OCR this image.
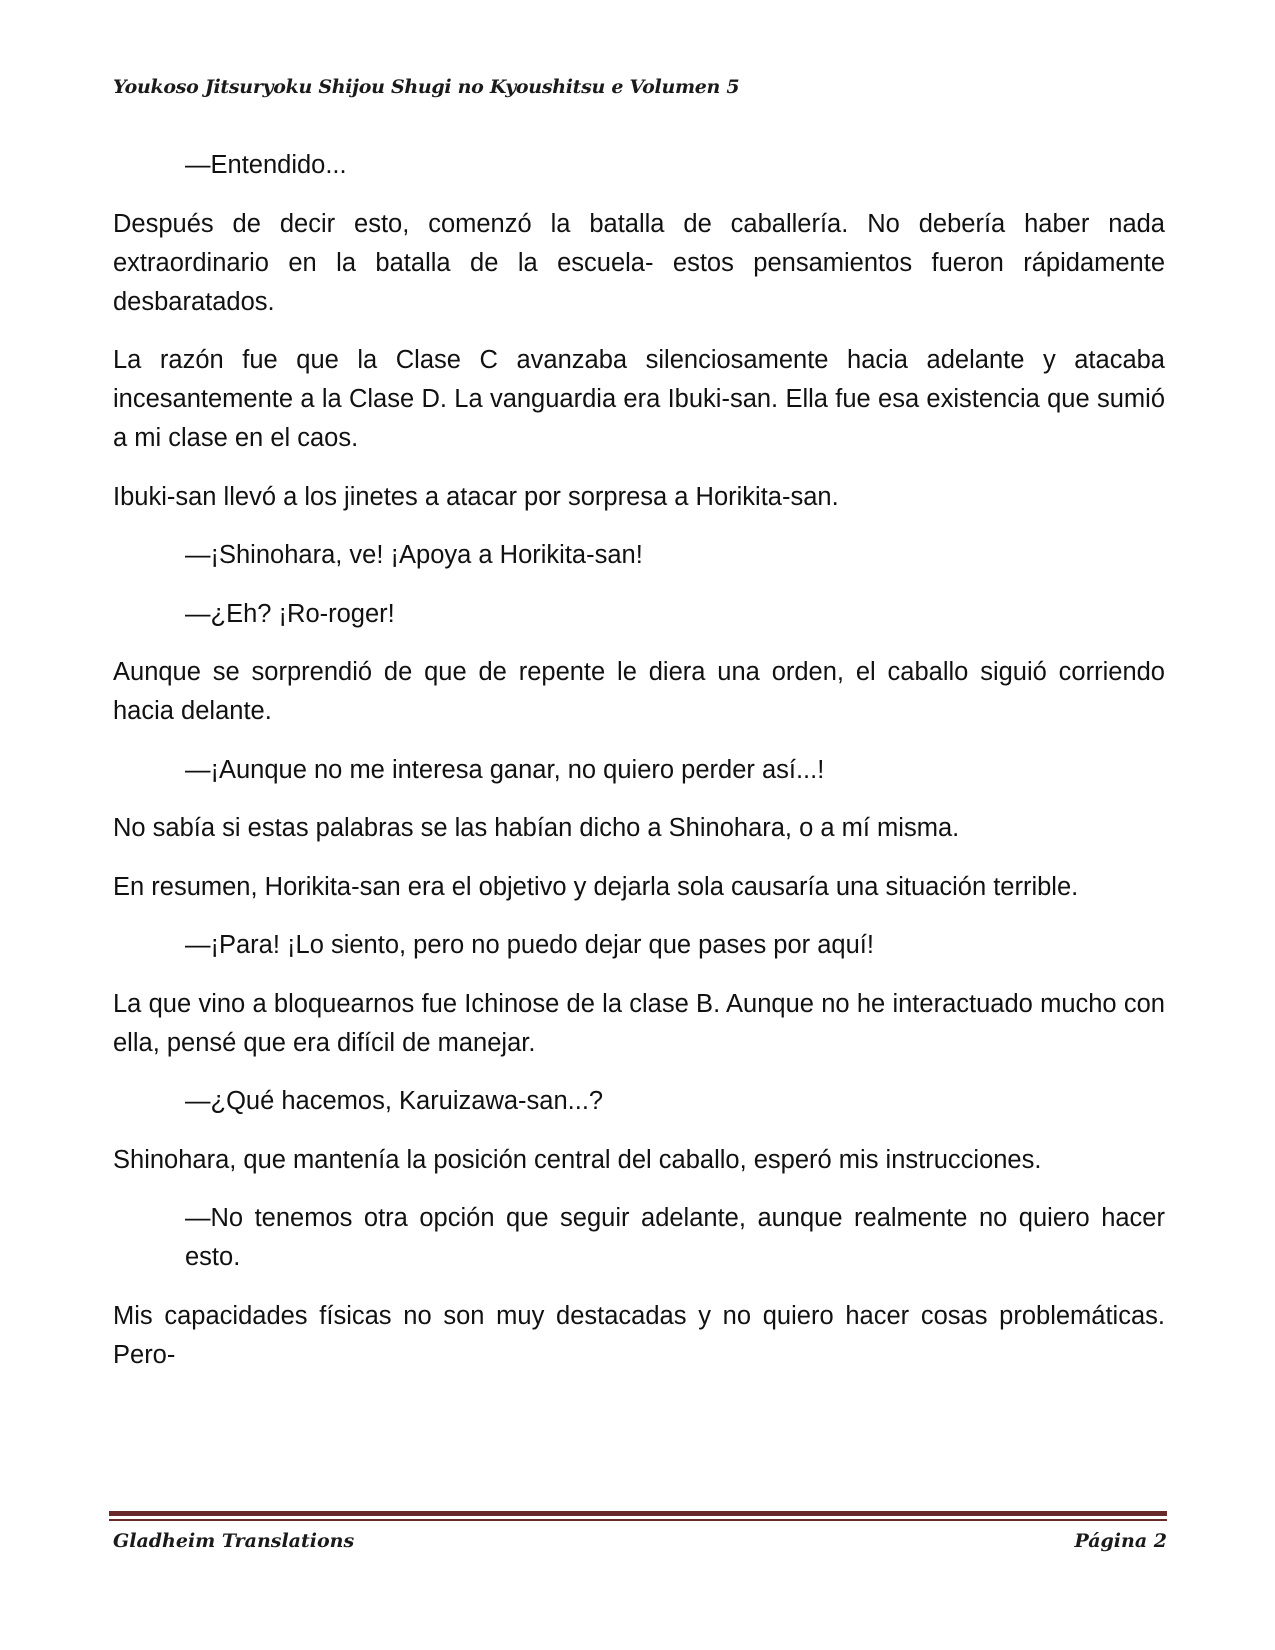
Youkoso Jitsuryoku Shijou Shugi no Kyoushitsu e Volumen 5

—Entendido...

Después de decir esto, comenzó la batalla de caballería. No debería haber nada extraordinario en la batalla de la escuela- estos pensamientos fueron rápidamente desbaratados.

La razón fue que la Clase C avanzaba silenciosamente hacia adelante y atacaba incesantemente a la Clase D. La vanguardia era Ibuki-san. Ella fue esa existencia que sumió a mi clase en el caos.

Ibuki-san llevó a los jinetes a atacar por sorpresa a Horikita-san.

—¡Shinohara, ve! ¡Apoya a Horikita-san!

—¿Eh? ¡Ro-roger!

Aunque se sorprendió de que de repente le diera una orden, el caballo siguió corriendo hacia delante.

—¡Aunque no me interesa ganar, no quiero perder así...!

No sabía si estas palabras se las habían dicho a Shinohara, o a mí misma.

En resumen, Horikita-san era el objetivo y dejarla sola causaría una situación terrible.

—¡Para! ¡Lo siento, pero no puedo dejar que pases por aquí!

La que vino a bloquearnos fue Ichinose de la clase B. Aunque no he interactuado mucho con ella, pensé que era difícil de manejar.

—¿Qué hacemos, Karuizawa-san...?

Shinohara, que mantenía la posición central del caballo, esperó mis instrucciones.

—No tenemos otra opción que seguir adelante, aunque realmente no quiero hacer esto.

Mis capacidades físicas no son muy destacadas y no quiero hacer cosas problemáticas. Pero-

Gladheim Translations	Página 2
